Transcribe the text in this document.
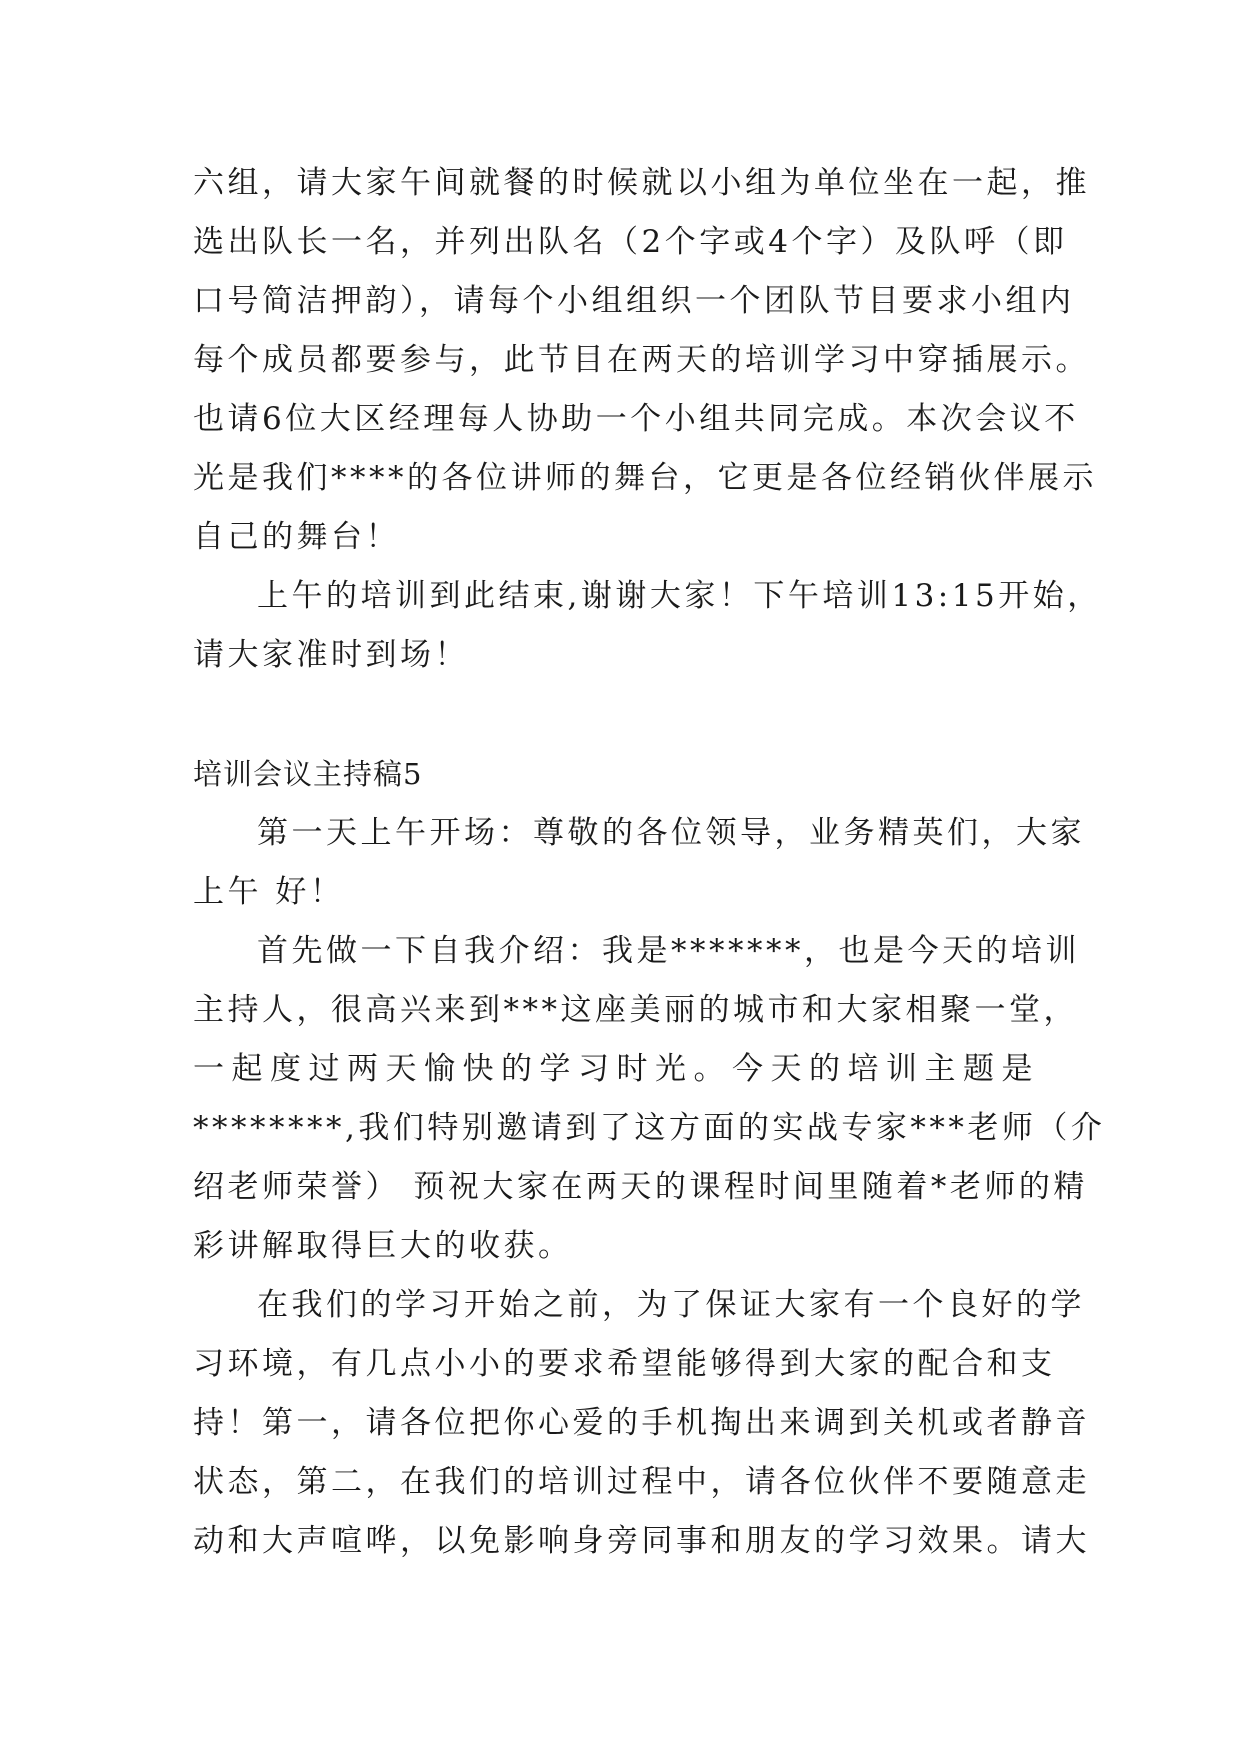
六组，请大家午间就餐的时候就以小组为单位坐在一起，推
选出队长一名，并列出队名（2个字或4个字）及队呼（即
口号简洁押韵），请每个小组组织一个团队节目要求小组内
每个成员都要参与，此节目在两天的培训学习中穿插展示。
也请6位大区经理每人协助一个小组共同完成。本次会议不
光是我们****的各位讲师的舞台，它更是各位经销伙伴展示
自己的舞台！
上午的培训到此结束,谢谢大家！下午培训13:15开始，
请大家准时到场！
培训会议主持稿5
第一天上午开场：尊敬的各位领导，业务精英们，大家
上午 好！
首先做一下自我介绍：我是*******，也是今天的培训
主持人，很高兴来到***这座美丽的城市和大家相聚一堂，
一起度过两天愉快的学习时光。今天的培训主题是
********,我们特别邀请到了这方面的实战专家***老师（介
绍老师荣誉） 预祝大家在两天的课程时间里随着*老师的精
彩讲解取得巨大的收获。
在我们的学习开始之前，为了保证大家有一个良好的学
习环境，有几点小小的要求希望能够得到大家的配合和支
持！第一，请各位把你心爱的手机掏出来调到关机或者静音
状态，第二，在我们的培训过程中，请各位伙伴不要随意走
动和大声喧哗，以免影响身旁同事和朋友的学习效果。请大
